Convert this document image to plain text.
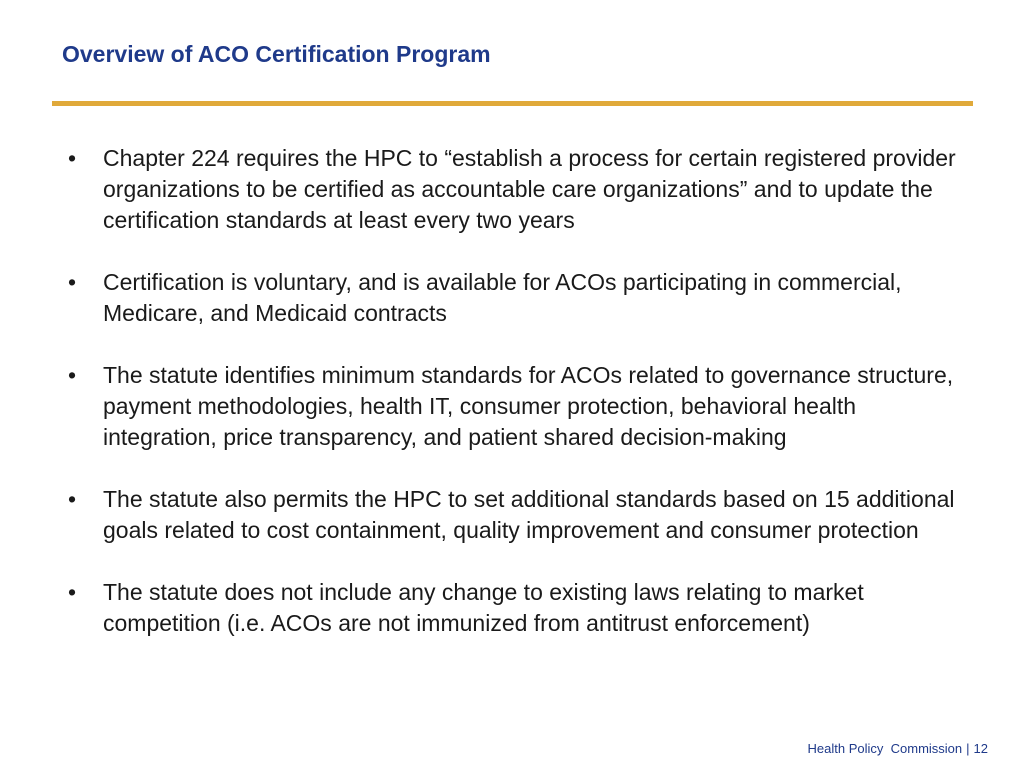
Overview of ACO Certification Program
•	Chapter 224 requires the HPC to “establish a process for certain registered provider organizations to be certified as accountable care organizations” and to update the certification standards at least every two years
•	Certification is voluntary, and is available for ACOs participating in commercial, Medicare, and Medicaid contracts
•	The statute identifies minimum standards for ACOs related to governance structure, payment methodologies, health IT, consumer protection, behavioral health integration, price transparency, and patient shared decision-making
•	The statute also permits the HPC to set additional standards based on 15 additional goals related to cost containment, quality improvement and consumer protection
•	The statute does not include any change to existing laws relating to market competition (i.e. ACOs are not immunized from antitrust enforcement)
Health Policy  Commission | 12
